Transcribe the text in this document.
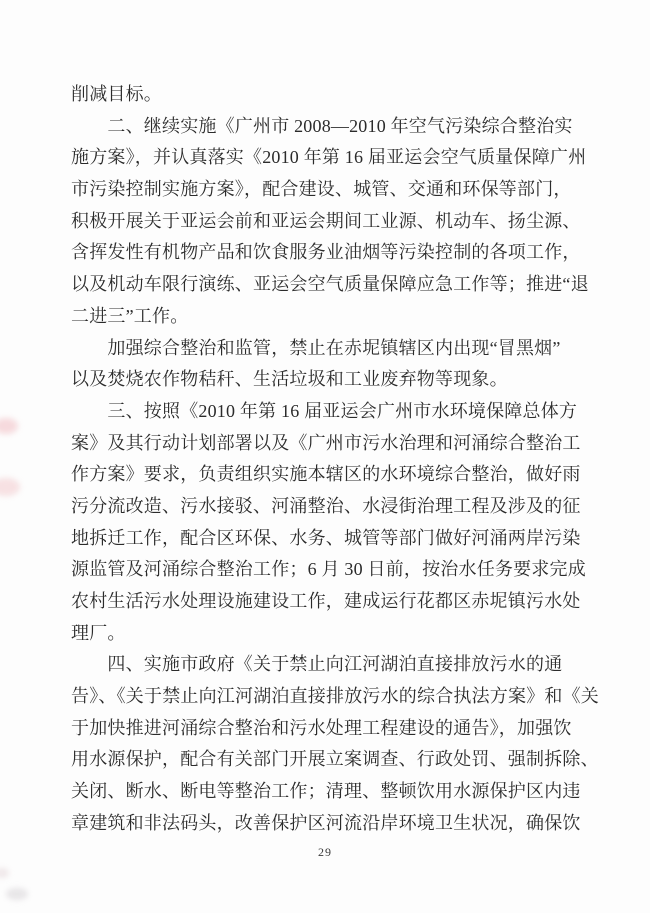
削减目标。
　　二、继续实施《广州市 2008—2010 年空气污染综合整治实
施方案》，并认真落实《2010 年第 16 届亚运会空气质量保障广州
市污染控制实施方案》，配合建设、城管、交通和环保等部门，
积极开展关于亚运会前和亚运会期间工业源、机动车、扬尘源、
含挥发性有机物产品和饮食服务业油烟等污染控制的各项工作，
以及机动车限行演练、亚运会空气质量保障应急工作等；推进“退
二进三”工作。
　　加强综合整治和监管，禁止在赤坭镇辖区内出现“冒黑烟”
以及焚烧农作物秸秆、生活垃圾和工业废弃物等现象。
　　三、按照《2010 年第 16 届亚运会广州市水环境保障总体方
案》及其行动计划部署以及《广州市污水治理和河涌综合整治工
作方案》要求，负责组织实施本辖区的水环境综合整治，做好雨
污分流改造、污水接驳、河涌整治、水浸街治理工程及涉及的征
地拆迁工作，配合区环保、水务、城管等部门做好河涌两岸污染
源监管及河涌综合整治工作；6 月 30 日前，按治水任务要求完成
农村生活污水处理设施建设工作，建成运行花都区赤坭镇污水处
理厂。
　　四、实施市政府《关于禁止向江河湖泊直接排放污水的通
告》、《关于禁止向江河湖泊直接排放污水的综合执法方案》和《关
于加快推进河涌综合整治和污水处理工程建设的通告》，加强饮
用水源保护，配合有关部门开展立案调查、行政处罚、强制拆除、
关闭、断水、断电等整治工作；清理、整顿饮用水源保护区内违
章建筑和非法码头，改善保护区河流沿岸环境卫生状况，确保饮
29
